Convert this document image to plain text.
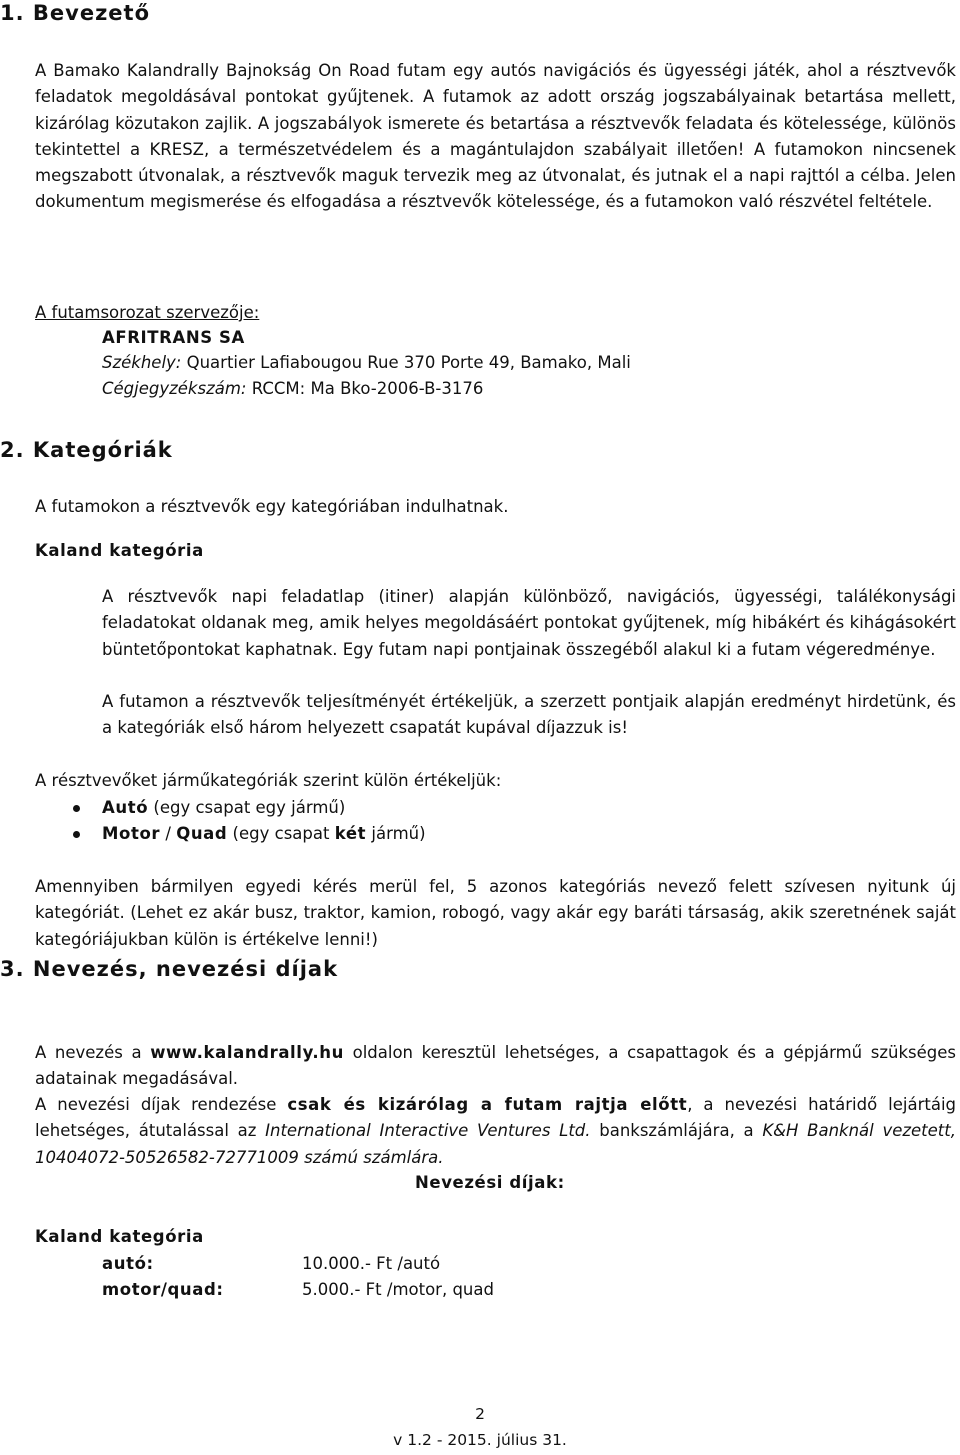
1. Bevezető

A Bamako Kalandrally Bajnokság On Road futam egy autós navigációs és ügyességi játék, ahol a résztvevők feladatok megoldásával pontokat gyűjtenek. A futamok az adott ország jogszabályainak betartása mellett, kizárólag közutakon zajlik. A jogszabályok ismerete és betartása a résztvevők feladata és kötelessége, különös tekintettel a KRESZ, a természetvédelem és a magántulajdon szabályait illetően! A futamokon nincsenek megszabott útvonalak, a résztvevők maguk tervezik meg az útvonalat, és jutnak el a napi rajttól a célba. Jelen dokumentum megismerése és elfogadása a résztvevők kötelessége, és a futamokon való részvétel feltétele.

A futamsorozat szervezője:
AFRITRANS SA
Székhely: Quartier Lafiabougou Rue 370 Porte 49, Bamako, Mali
Cégjegyzékszám: RCCM: Ma Bko-2006-B-3176
2. Kategóriák
A futamokon a résztvevők egy kategóriában indulhatnak.
Kaland kategória

A résztvevők napi feladatlap (itiner) alapján különböző, navigációs, ügyességi, találékonysági feladatokat oldanak meg, amik helyes megoldásáért pontokat gyűjtenek, míg hibákért és kihágásokért büntetőpontokat kaphatnak. Egy futam napi pontjainak összegéből alakul ki a futam végeredménye.

A futamon a résztvevők teljesítményét értékeljük, a szerzett pontjaik alapján eredményt hirdetünk, és a kategóriák első három helyezett csapatát kupával díjazzuk is!

A résztvevőket járműkategóriák szerint külön értékeljük:
Autó (egy csapat egy jármű)
Motor / Quad (egy csapat két jármű)

Amennyiben bármilyen egyedi kérés merül fel, 5 azonos kategóriás nevező felett szívesen nyitunk új kategóriát. (Lehet ez akár busz, traktor, kamion, robogó, vagy akár egy baráti társaság, akik szeretnének saját kategóriájukban külön is értékelve lenni!)

3. Nevezés, nevezési díjak

A nevezés a www.kalandrally.hu oldalon keresztül lehetséges, a csapattagok és a gépjármű szükséges adatainak megadásával.

A nevezési díjak rendezése csak és kizárólag a futam rajtja előtt, a nevezési határidő lejártáig lehetséges, átutalással az International Interactive Ventures Ltd. bankszámlájára, a K&H Banknál vezetett, 10404072-50526582-72771009 számú számlára.

Nevezési díjak:
Kaland kategória
autó:	10.000.- Ft /autó
motor/quad:	5.000.- Ft /motor, quad
2
v 1.2 - 2015. július 31.
